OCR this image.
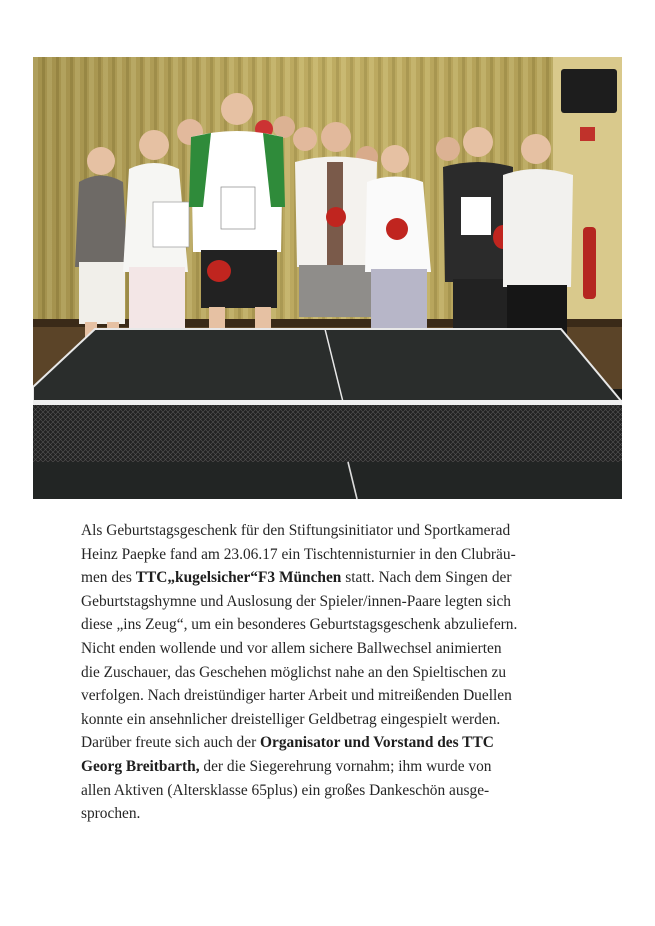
Als Geburtstagsgeschenk für den Stiftungsinitiator und Sportkamerad
Heinz Paepke fand am 23.06.17 ein Tischtennisturnier in den Clubräu-
men des TTC„kugelsicher“F3 München statt. Nach dem Singen der
Geburtstagshymne und Auslosung der Spieler/innen-Paare legten sich
diese „ins Zeug“, um ein besonderes Geburtstagsgeschenk abzuliefern.
Nicht enden wollende und vor allem sichere Ballwechsel animierten
die Zuschauer, das Geschehen möglichst nahe an den Spieltischen zu
verfolgen. Nach dreistündiger harter Arbeit und mitreißenden Duellen
konnte ein ansehnlicher dreistelliger Geldbetrag eingespielt werden.
Darüber freute sich auch der Organisator und Vorstand des TTC
Georg Breitbarth, der die Siegerehrung vornahm; ihm wurde von
allen Aktiven (Altersklasse 65plus) ein großes Dankeschön ausge-
sprochen.
